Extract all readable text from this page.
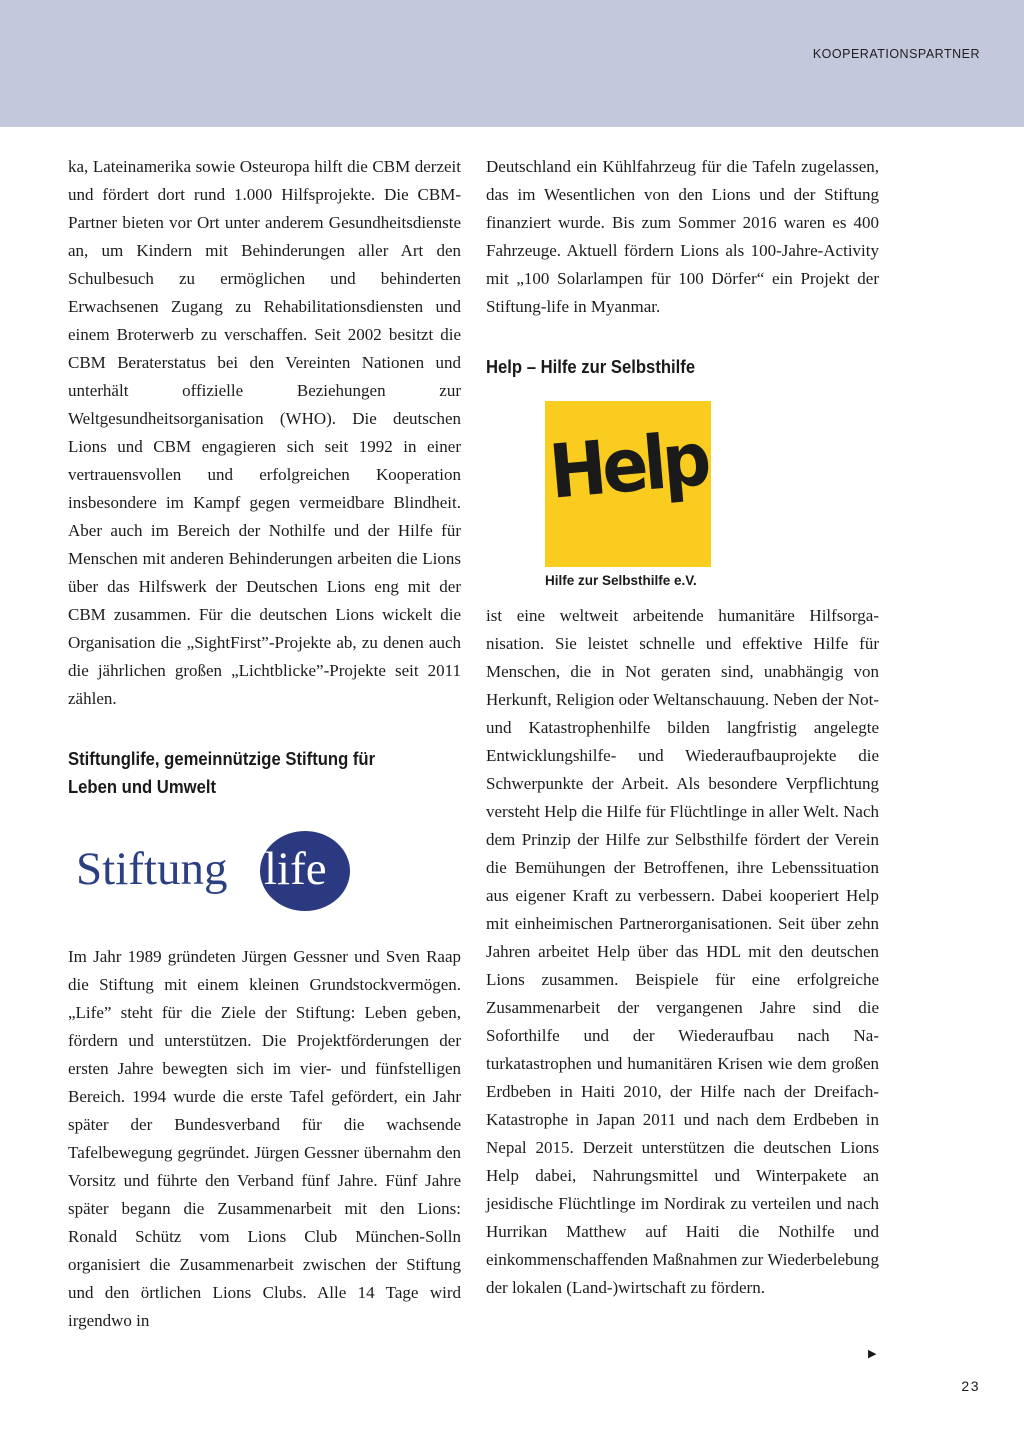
KOOPERATIONSPARTNER

ka, Lateinamerika sowie Osteuropa hilft die CBM derzeit und fördert dort rund 1.000 Hilfsprojekte. Die CBM-Partner bieten vor Ort unter anderem Gesundheitsdienste an, um Kindern mit Behinderungen aller Art den Schulbesuch zu ermöglichen und behinderten Erwachsenen Zugang zu Rehabilitationsdiensten und einem Broterwerb zu verschaffen. Seit 2002 besitzt die CBM Beraterstatus bei den Vereinten Nationen und unterhält offizielle Beziehungen zur Weltgesundheitsorganisation (WHO). Die deutschen Lions und CBM engagieren sich seit 1992 in einer vertrauensvollen und erfolgreichen Kooperation insbesondere im Kampf gegen vermeidbare Blindheit. Aber auch im Bereich der Nothilfe und der Hilfe für Menschen mit anderen Behinderungen arbeiten die Lions über das Hilfswerk der Deutschen Lions eng mit der CBM zusammen. Für die deutschen Lions wickelt die Organisation die „SightFirst”-Projekte ab, zu denen auch die jährlichen großen „Lichtblicke”-Projekte seit 2011 zählen.

Stiftunglife, gemeinnützige Stiftung für
Leben und Umwelt
Stiftung life

Im Jahr 1989 gründeten Jürgen Gessner und Sven Raap die Stiftung mit einem kleinen Grundstockvermögen. „Life” steht für die Ziele der Stiftung: Leben geben, fördern und unterstützen. Die Projektförderungen der ersten Jahre bewegten sich im vier- und fünfstelligen Bereich. 1994 wurde die erste Tafel gefördert, ein Jahr später der Bundesverband für die wachsende Tafelbewegung gegründet. Jürgen Gessner übernahm den Vorsitz und führte den Verband fünf Jahre. Fünf Jahre später begann die Zusammenarbeit mit den Lions: Ronald Schütz vom Lions Club München-Solln organisiert die Zusammenarbeit zwischen der Stiftung und den örtlichen Lions Clubs. Alle 14 Tage wird irgendwo in

Deutschland ein Kühlfahrzeug für die Tafeln zugelassen, das im Wesentlichen von den Lions und der Stiftung finanziert wurde. Bis zum Sommer 2016 waren es 400 Fahrzeuge. Aktuell fördern Lions als 100-Jahre-Activity mit „100 Solarlampen für 100 Dörfer“ ein Projekt der Stiftung-life in Myanmar.

Help – Hilfe zur Selbsthilfe
Help
Hilfe zur Selbsthilfe e.V.

ist eine weltweit arbeitende humanitäre Hilfsorganisation. Sie leistet schnelle und effektive Hilfe für Menschen, die in Not geraten sind, unabhängig von Herkunft, Religion oder Weltanschauung. Neben der Not- und Katastrophenhilfe bilden langfristig angelegte Entwicklungshilfe- und Wiederaufbauprojekte die Schwerpunkte der Arbeit. Als besondere Verpflichtung versteht Help die Hilfe für Flüchtlinge in aller Welt. Nach dem Prinzip der Hilfe zur Selbsthilfe fördert der Verein die Bemühungen der Betroffenen, ihre Lebenssituation aus eigener Kraft zu verbessern. Dabei kooperiert Help mit einheimischen Partnerorganisationen. Seit über zehn Jahren arbeitet Help über das HDL mit den deutschen Lions zusammen. Beispiele für eine erfolgreiche Zusammenarbeit der vergangenen Jahre sind die Soforthilfe und der Wiederaufbau nach Naturkatastrophen und humanitären Krisen wie dem großen Erdbeben in Haiti 2010, der Hilfe nach der Dreifach-Katastrophe in Japan 2011 und nach dem Erdbeben in Nepal 2015. Derzeit unterstützen die deutschen Lions Help dabei, Nahrungsmittel und Winterpakete an jesidische Flüchtlinge im Nordirak zu verteilen und nach Hurrikan Matthew auf Haiti die Nothilfe und einkommenschaffenden Maßnahmen zur Wiederbelebung der lokalen (Land-)wirtschaft zu fördern.

▶
23
